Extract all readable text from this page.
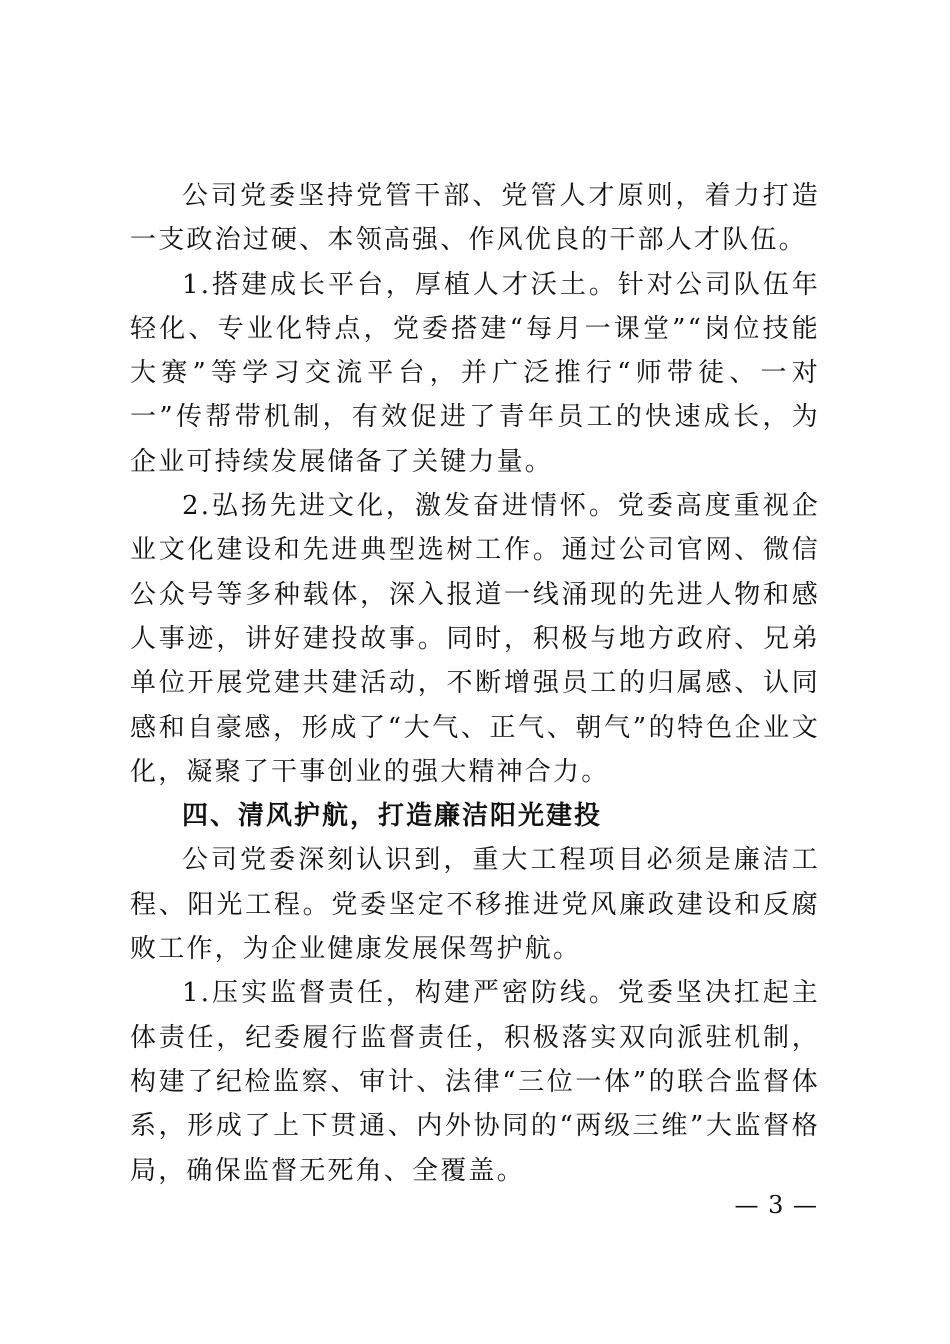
公司党委坚持党管干部、党管人才原则，着力打造一支政治过硬、本领高强、作风优良的干部人才队伍。

1.搭建成长平台，厚植人才沃土。针对公司队伍年轻化、专业化特点，党委搭建“每月一课堂”“岗位技能大赛”等学习交流平台，并广泛推行“师带徒、一对一”传帮带机制，有效促进了青年员工的快速成长，为企业可持续发展储备了关键力量。

2.弘扬先进文化，激发奋进情怀。党委高度重视企业文化建设和先进典型选树工作。通过公司官网、微信公众号等多种载体，深入报道一线涌现的先进人物和感人事迹，讲好建投故事。同时，积极与地方政府、兄弟单位开展党建共建活动，不断增强员工的归属感、认同感和自豪感，形成了“大气、正气、朝气”的特色企业文化，凝聚了干事创业的强大精神合力。

四、清风护航，打造廉洁阳光建投

公司党委深刻认识到，重大工程项目必须是廉洁工程、阳光工程。党委坚定不移推进党风廉政建设和反腐败工作，为企业健康发展保驾护航。

1.压实监督责任，构建严密防线。党委坚决扛起主体责任，纪委履行监督责任，积极落实双向派驻机制，构建了纪检监察、审计、法律“三位一体”的联合监督体系，形成了上下贯通、内外协同的“两级三维”大监督格局，确保监督无死角、全覆盖。

— 3 —
